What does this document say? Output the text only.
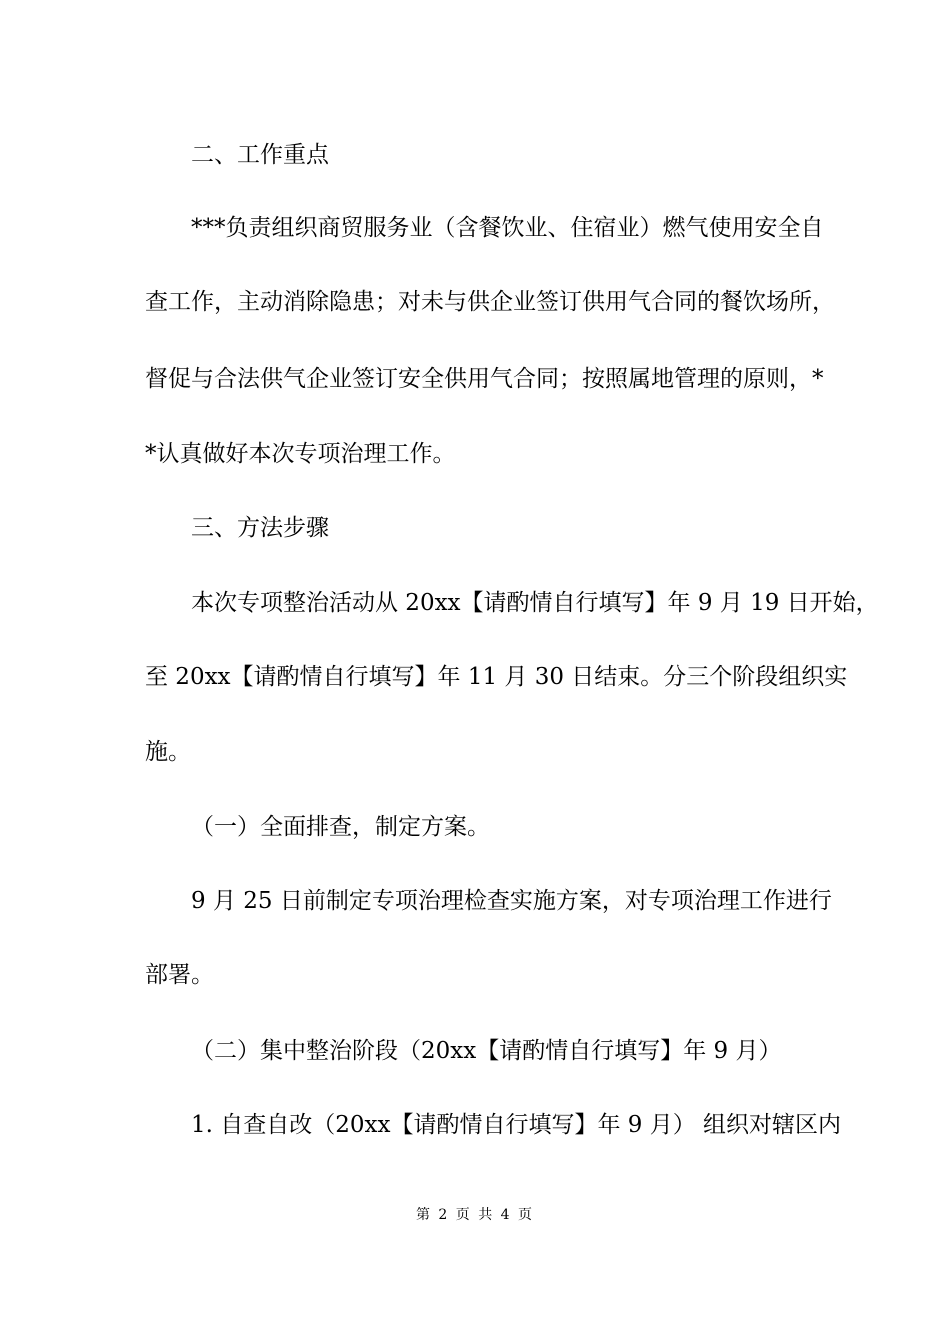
二、工作重点
***负责组织商贸服务业（含餐饮业、住宿业）燃气使用安全自
查工作，主动消除隐患；对未与供企业签订供用气合同的餐饮场所，
督促与合法供气企业签订安全供用气合同；按照属地管理的原则，*
*认真做好本次专项治理工作。
三、方法步骤
本次专项整治活动从 20xx【请酌情自行填写】年 9 月 19 日开始，
至 20xx【请酌情自行填写】年 11 月 30 日结束。分三个阶段组织实
施。
（一）全面排查，制定方案。
9 月 25 日前制定专项治理检查实施方案，对专项治理工作进行
部署。
（二）集中整治阶段（20xx【请酌情自行填写】年 9 月）
1. 自查自改（20xx【请酌情自行填写】年 9 月） 组织对辖区内
第 2 页 共 4 页
